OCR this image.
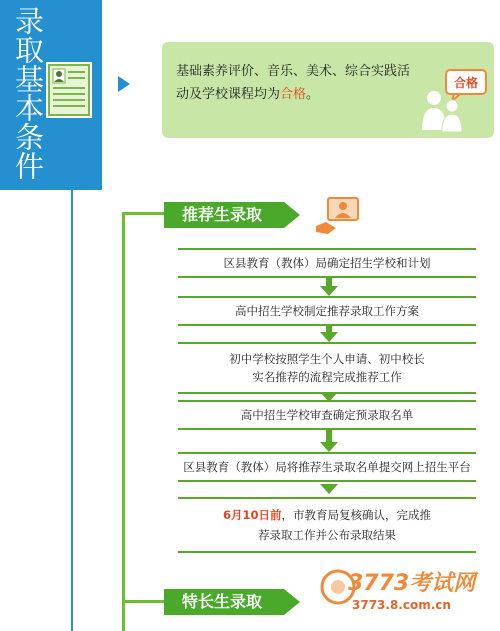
录取基本条件	基础素养评价、音乐、美术、综合实践活动及学校课程均为合格。
合格
推荐生录取
区县教育（教体）局确定招生学校和计划
高中招生学校制定推荐录取工作方案
初中学校按照学生个人申请、初中校长实名推荐的流程完成推荐工作
高中招生学校审查确定预录取名单
区县教育（教体）局将推荐生录取名单提交网上招生平台
6月10日前，市教育局复核确认，完成推荐录取工作并公布录取结果
特长生录取
3773考试网
3773.8.com.cn
